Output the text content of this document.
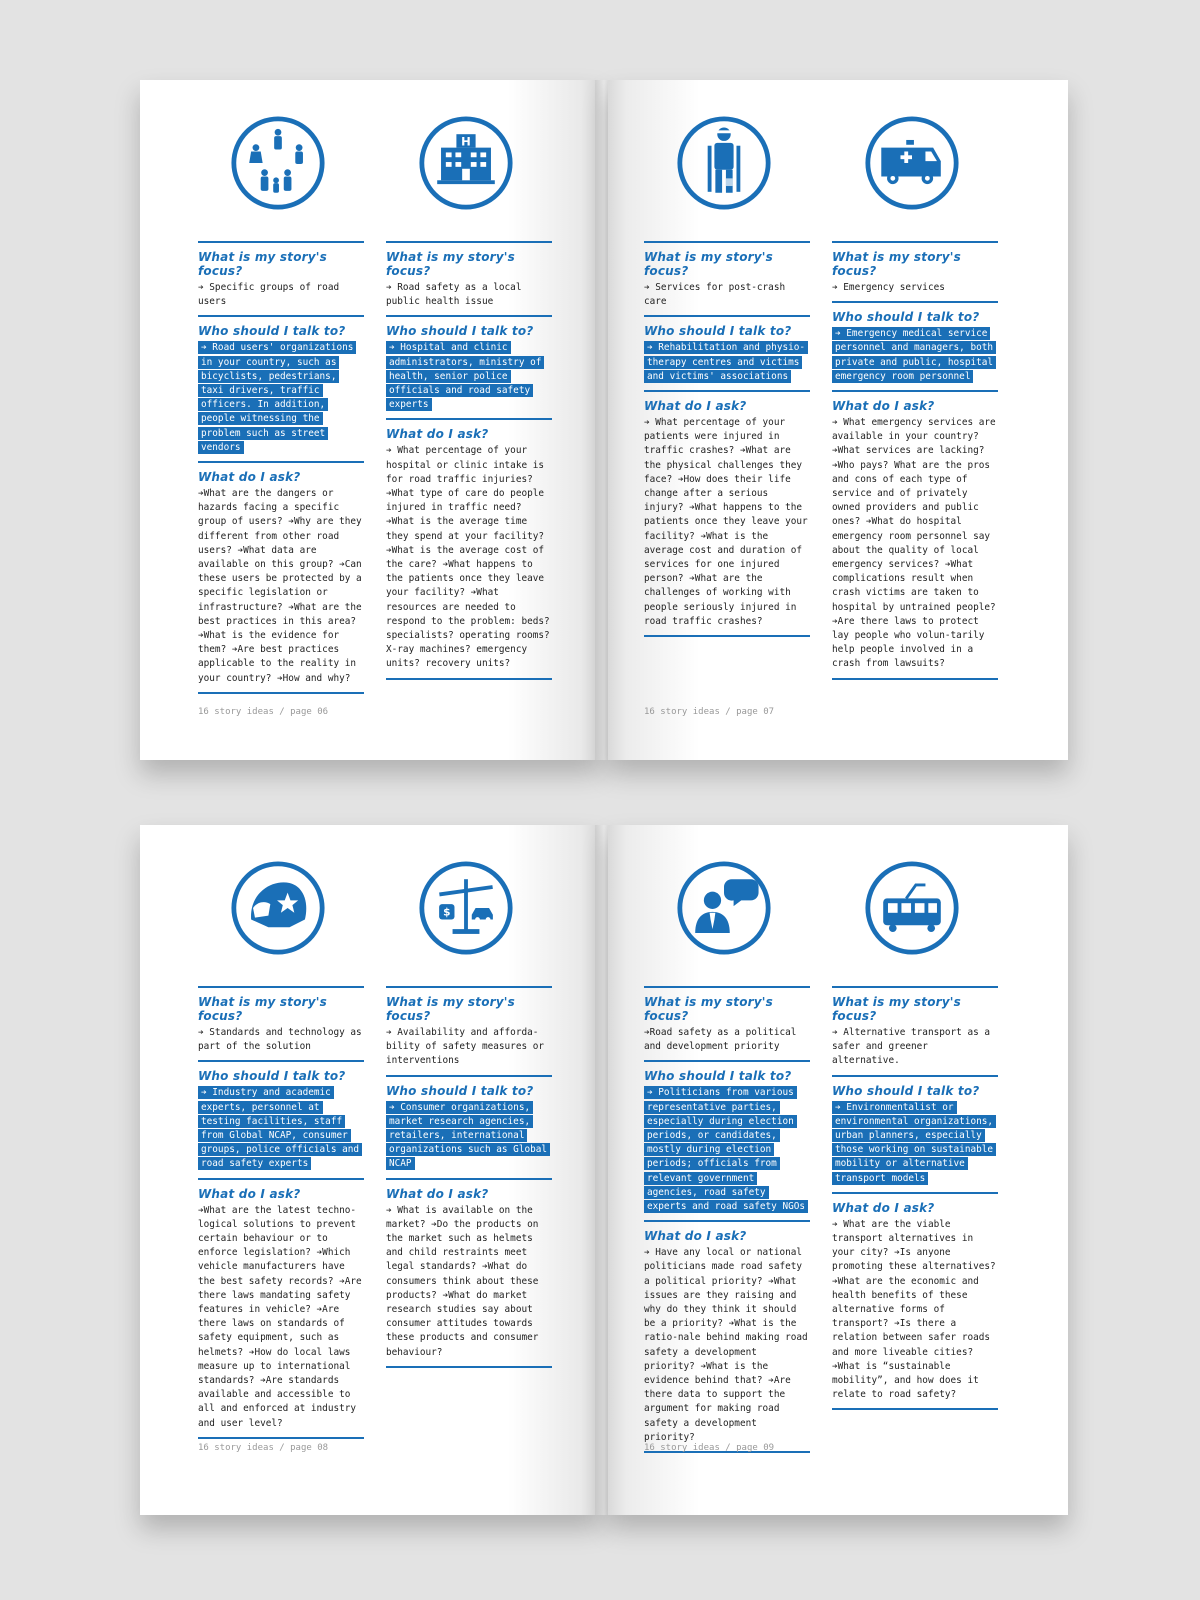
What is my story's focus?
➔ Specific groups of road users
Who should I talk to?
➔ Road users' organizations in your country, such as bicyclists, pedestrians, taxi drivers, traffic officers. In addition, people witnessing the problem such as street vendors
What do I ask?
➔What are the dangers or hazards facing a specific group of users? ➔Why are they different from other road users? ➔What data are available on this group? ➔Can these users be protected by a specific legislation or infrastructure? ➔What are the best practices in this area? ➔What is the evidence for them? ➔Are best practices applicable to the reality in your country? ➔How and why?
H
What is my story's focus?
➔ Road safety as a local public health issue
Who should I talk to?
➔ Hospital and clinic administrators, ministry of health, senior police officials and road safety experts
What do I ask?
➔ What percentage of your hospital or clinic intake is for road traffic injuries? ➔What type of care do people injured in traffic need? ➔What is the average time they spend at your facility? ➔What is the average cost of the care? ➔What happens to the patients once they leave your facility? ➔What resources are needed to respond to the problem: beds? specialists? operating rooms? X-ray machines? emergency units? recovery units?
16 story ideas / page 06
What is my story's focus?
➔ Services for post-crash care
Who should I talk to?
➔ Rehabilitation and physio-therapy centres and victims and victims' associations
What do I ask?
➔ What percentage of your patients were injured in traffic crashes? ➔What are the physical challenges they face? ➔How does their life change after a serious injury? ➔What happens to the patients once they leave your facility? ➔What is the average cost and duration of services for one injured person? ➔What are the challenges of working with people seriously injured in road traffic crashes?
What is my story's focus?
➔ Emergency services
Who should I talk to?
➔ Emergency medical service personnel and managers, both private and public, hospital emergency room personnel
What do I ask?
➔ What emergency services are available in your country? ➔What services are lacking? ➔Who pays? What are the pros and cons of each type of service and of privately owned providers and public ones? ➔What do hospital emergency room personnel say about the quality of local emergency services? ➔What complications result when crash victims are taken to hospital by untrained people? ➔Are there laws to protect lay people who volun-tarily help people involved in a crash from lawsuits?
16 story ideas / page 07
What is my story's focus?
➔ Standards and technology as part of the solution
Who should I talk to?
➔ Industry and academic experts, personnel at testing facilities, staff from Global NCAP, consumer groups, police officials and road safety experts
What do I ask?
➔What are the latest techno-logical solutions to prevent certain behaviour or to enforce legislation? ➔Which vehicle manufacturers have the best safety records? ➔Are there laws mandating safety features in vehicle? ➔Are there laws on standards of safety equipment, such as helmets? ➔How do local laws measure up to international standards? ➔Are standards available and accessible to all and enforced at industry and user level?
$
What is my story's focus?
➔ Availability and afforda-bility of safety measures or interventions
Who should I talk to?
➔ Consumer organizations, market research agencies, retailers, international organizations such as Global NCAP
What do I ask?
➔ What is available on the market? ➔Do the products on the market such as helmets and child restraints meet legal standards? ➔What do consumers think about these products? ➔What do market research studies say about consumer attitudes towards these products and consumer behaviour?
16 story ideas / page 08
What is my story's focus?
➔Road safety as a political and development priority
Who should I talk to?
➔ Politicians from various representative parties, especially during election periods, or candidates, mostly during election periods; officials from relevant government agencies, road safety experts and road safety NGOs
What do I ask?
➔ Have any local or national politicians made road safety a political priority? ➔What issues are they raising and why do they think it should be a priority? ➔What is the ratio-nale behind making road safety a development priority? ➔What is the evidence behind that? ➔Are there data to support the argument for making road safety a development priority?
What is my story's focus?
➔ Alternative transport as a safer and greener alternative.
Who should I talk to?
➔ Environmentalist or environmental organizations, urban planners, especially those working on sustainable mobility or alternative transport models
What do I ask?
➔ What are the viable transport alternatives in your city? ➔Is anyone promoting these alternatives? ➔What are the economic and health benefits of these alternative forms of transport? ➔Is there a relation between safer roads and more liveable cities? ➔What is “sustainable mobility”, and how does it relate to road safety?
16 story ideas / page 09
